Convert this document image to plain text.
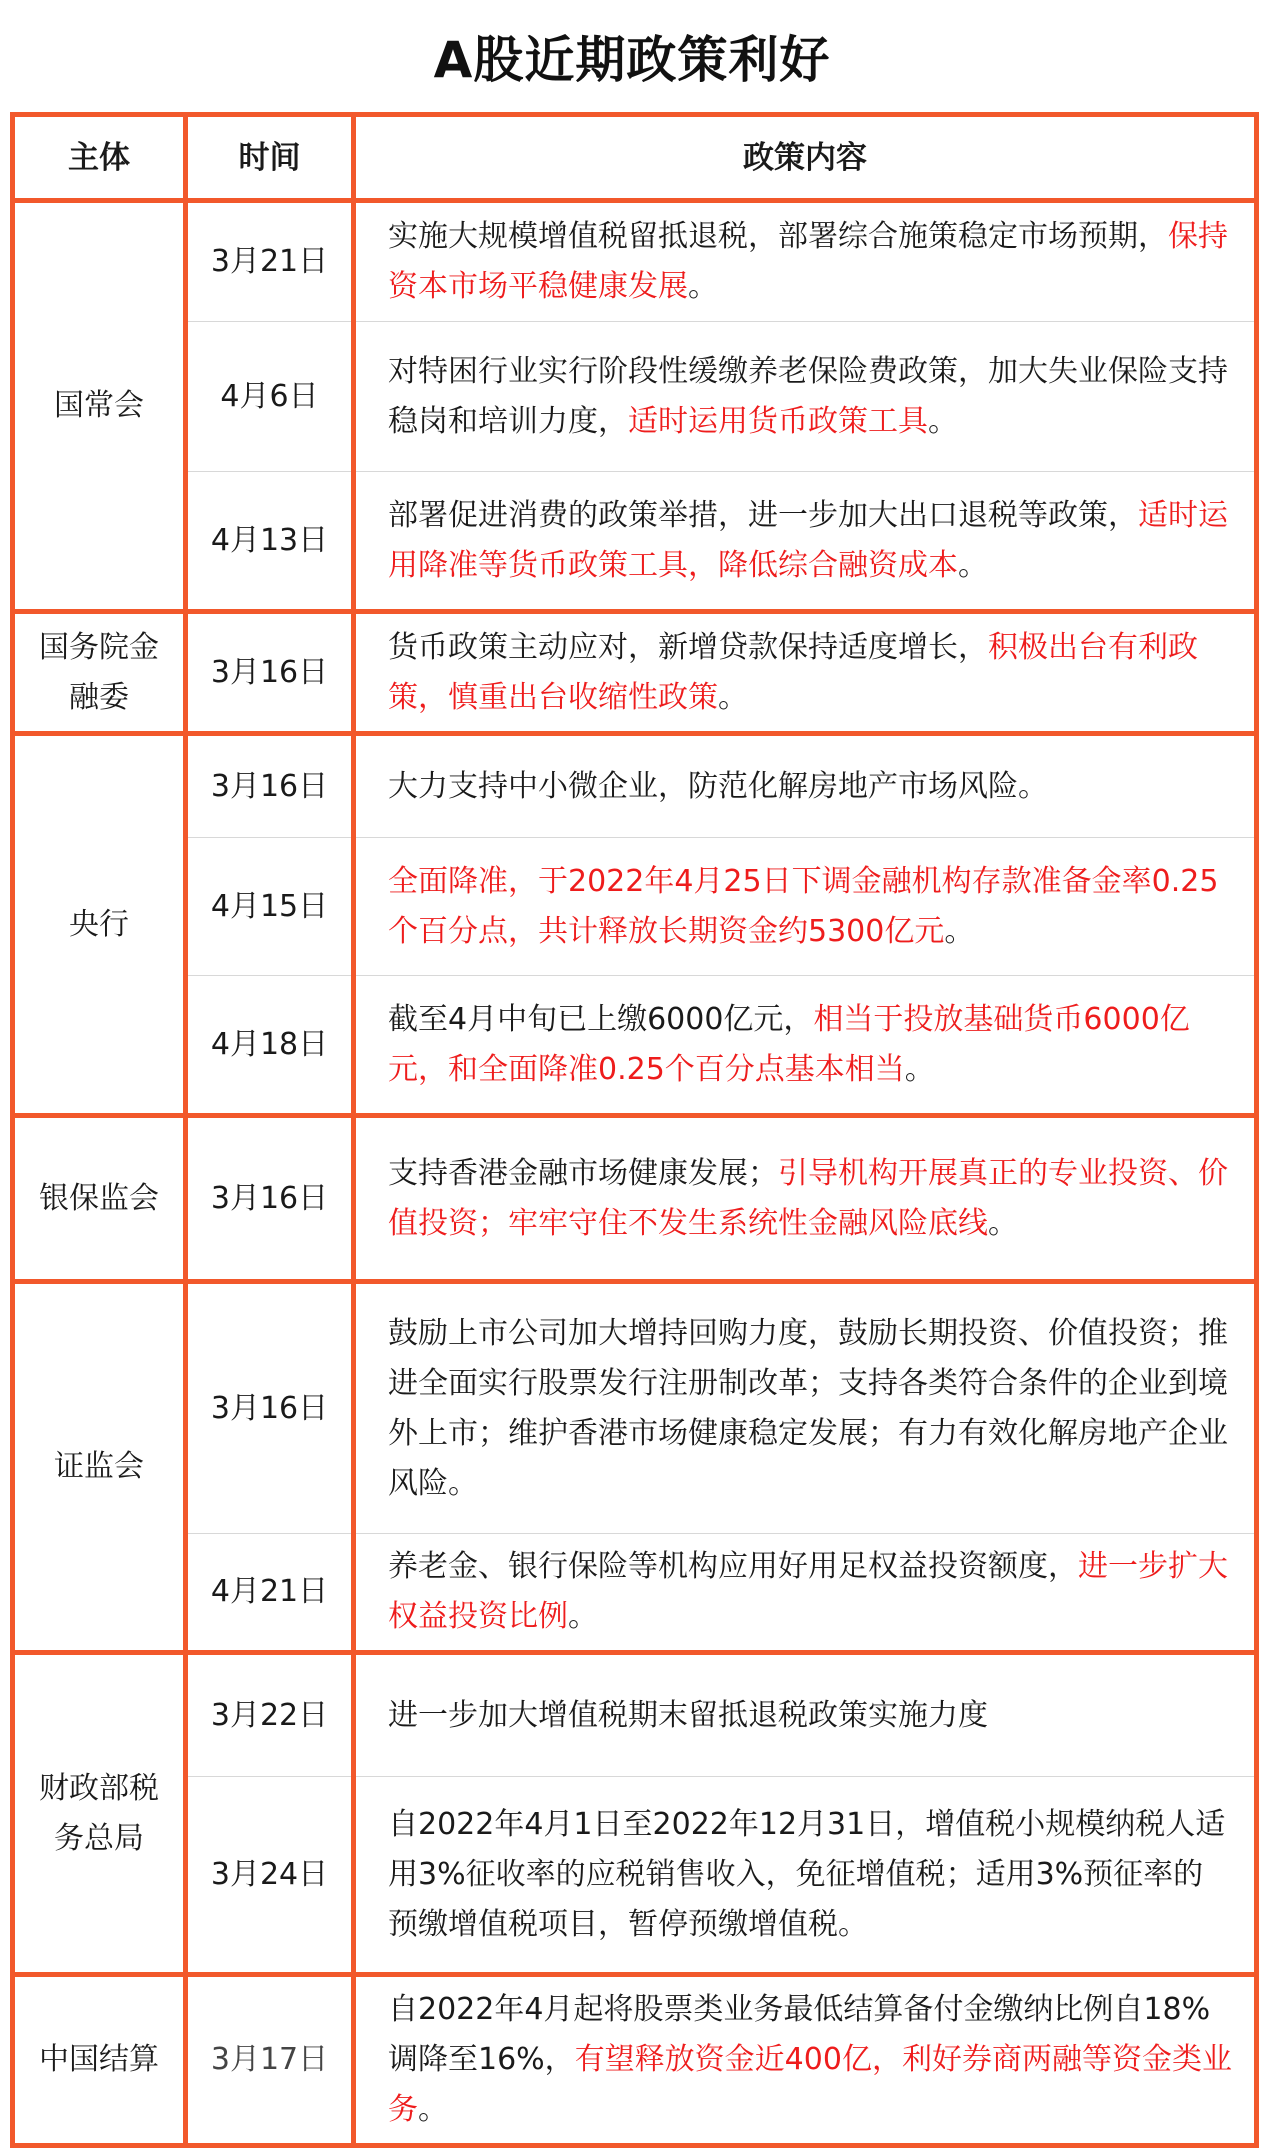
A股近期政策利好
主体	时间	政策内容
国常会	3月21日	实施大规模增值税留抵退税，部署综合施策稳定市场预期，保持资本市场平稳健康发展。
	4月6日	对特困行业实行阶段性缓缴养老保险费政策，加大失业保险支持稳岗和培训力度，适时运用货币政策工具。
	4月13日	部署促进消费的政策举措，进一步加大出口退税等政策，适时运用降准等货币政策工具，降低综合融资成本。
国务院金融委	3月16日	货币政策主动应对，新增贷款保持适度增长，积极出台有利政策，慎重出台收缩性政策。
央行	3月16日	大力支持中小微企业，防范化解房地产市场风险。
	4月15日	全面降准，于2022年4月25日下调金融机构存款准备金率0.25个百分点，共计释放长期资金约5300亿元。
	4月18日	截至4月中旬已上缴6000亿元，相当于投放基础货币6000亿元，和全面降准0.25个百分点基本相当。
银保监会	3月16日	支持香港金融市场健康发展；引导机构开展真正的专业投资、价值投资；牢牢守住不发生系统性金融风险底线。
证监会	3月16日	鼓励上市公司加大增持回购力度，鼓励长期投资、价值投资；推进全面实行股票发行注册制改革；支持各类符合条件的企业到境外上市；维护香港市场健康稳定发展；有力有效化解房地产企业风险。
	4月21日	养老金、银行保险等机构应用好用足权益投资额度，进一步扩大权益投资比例。
财政部税务总局	3月22日	进一步加大增值税期末留抵退税政策实施力度
	3月24日	自2022年4月1日至2022年12月31日，增值税小规模纳税人适用3%征收率的应税销售收入，免征增值税；适用3%预征率的预缴增值税项目，暂停预缴增值税。
中国结算	3月17日	自2022年4月起将股票类业务最低结算备付金缴纳比例自18%调降至16%，有望释放资金近400亿，利好券商两融等资金类业务。
